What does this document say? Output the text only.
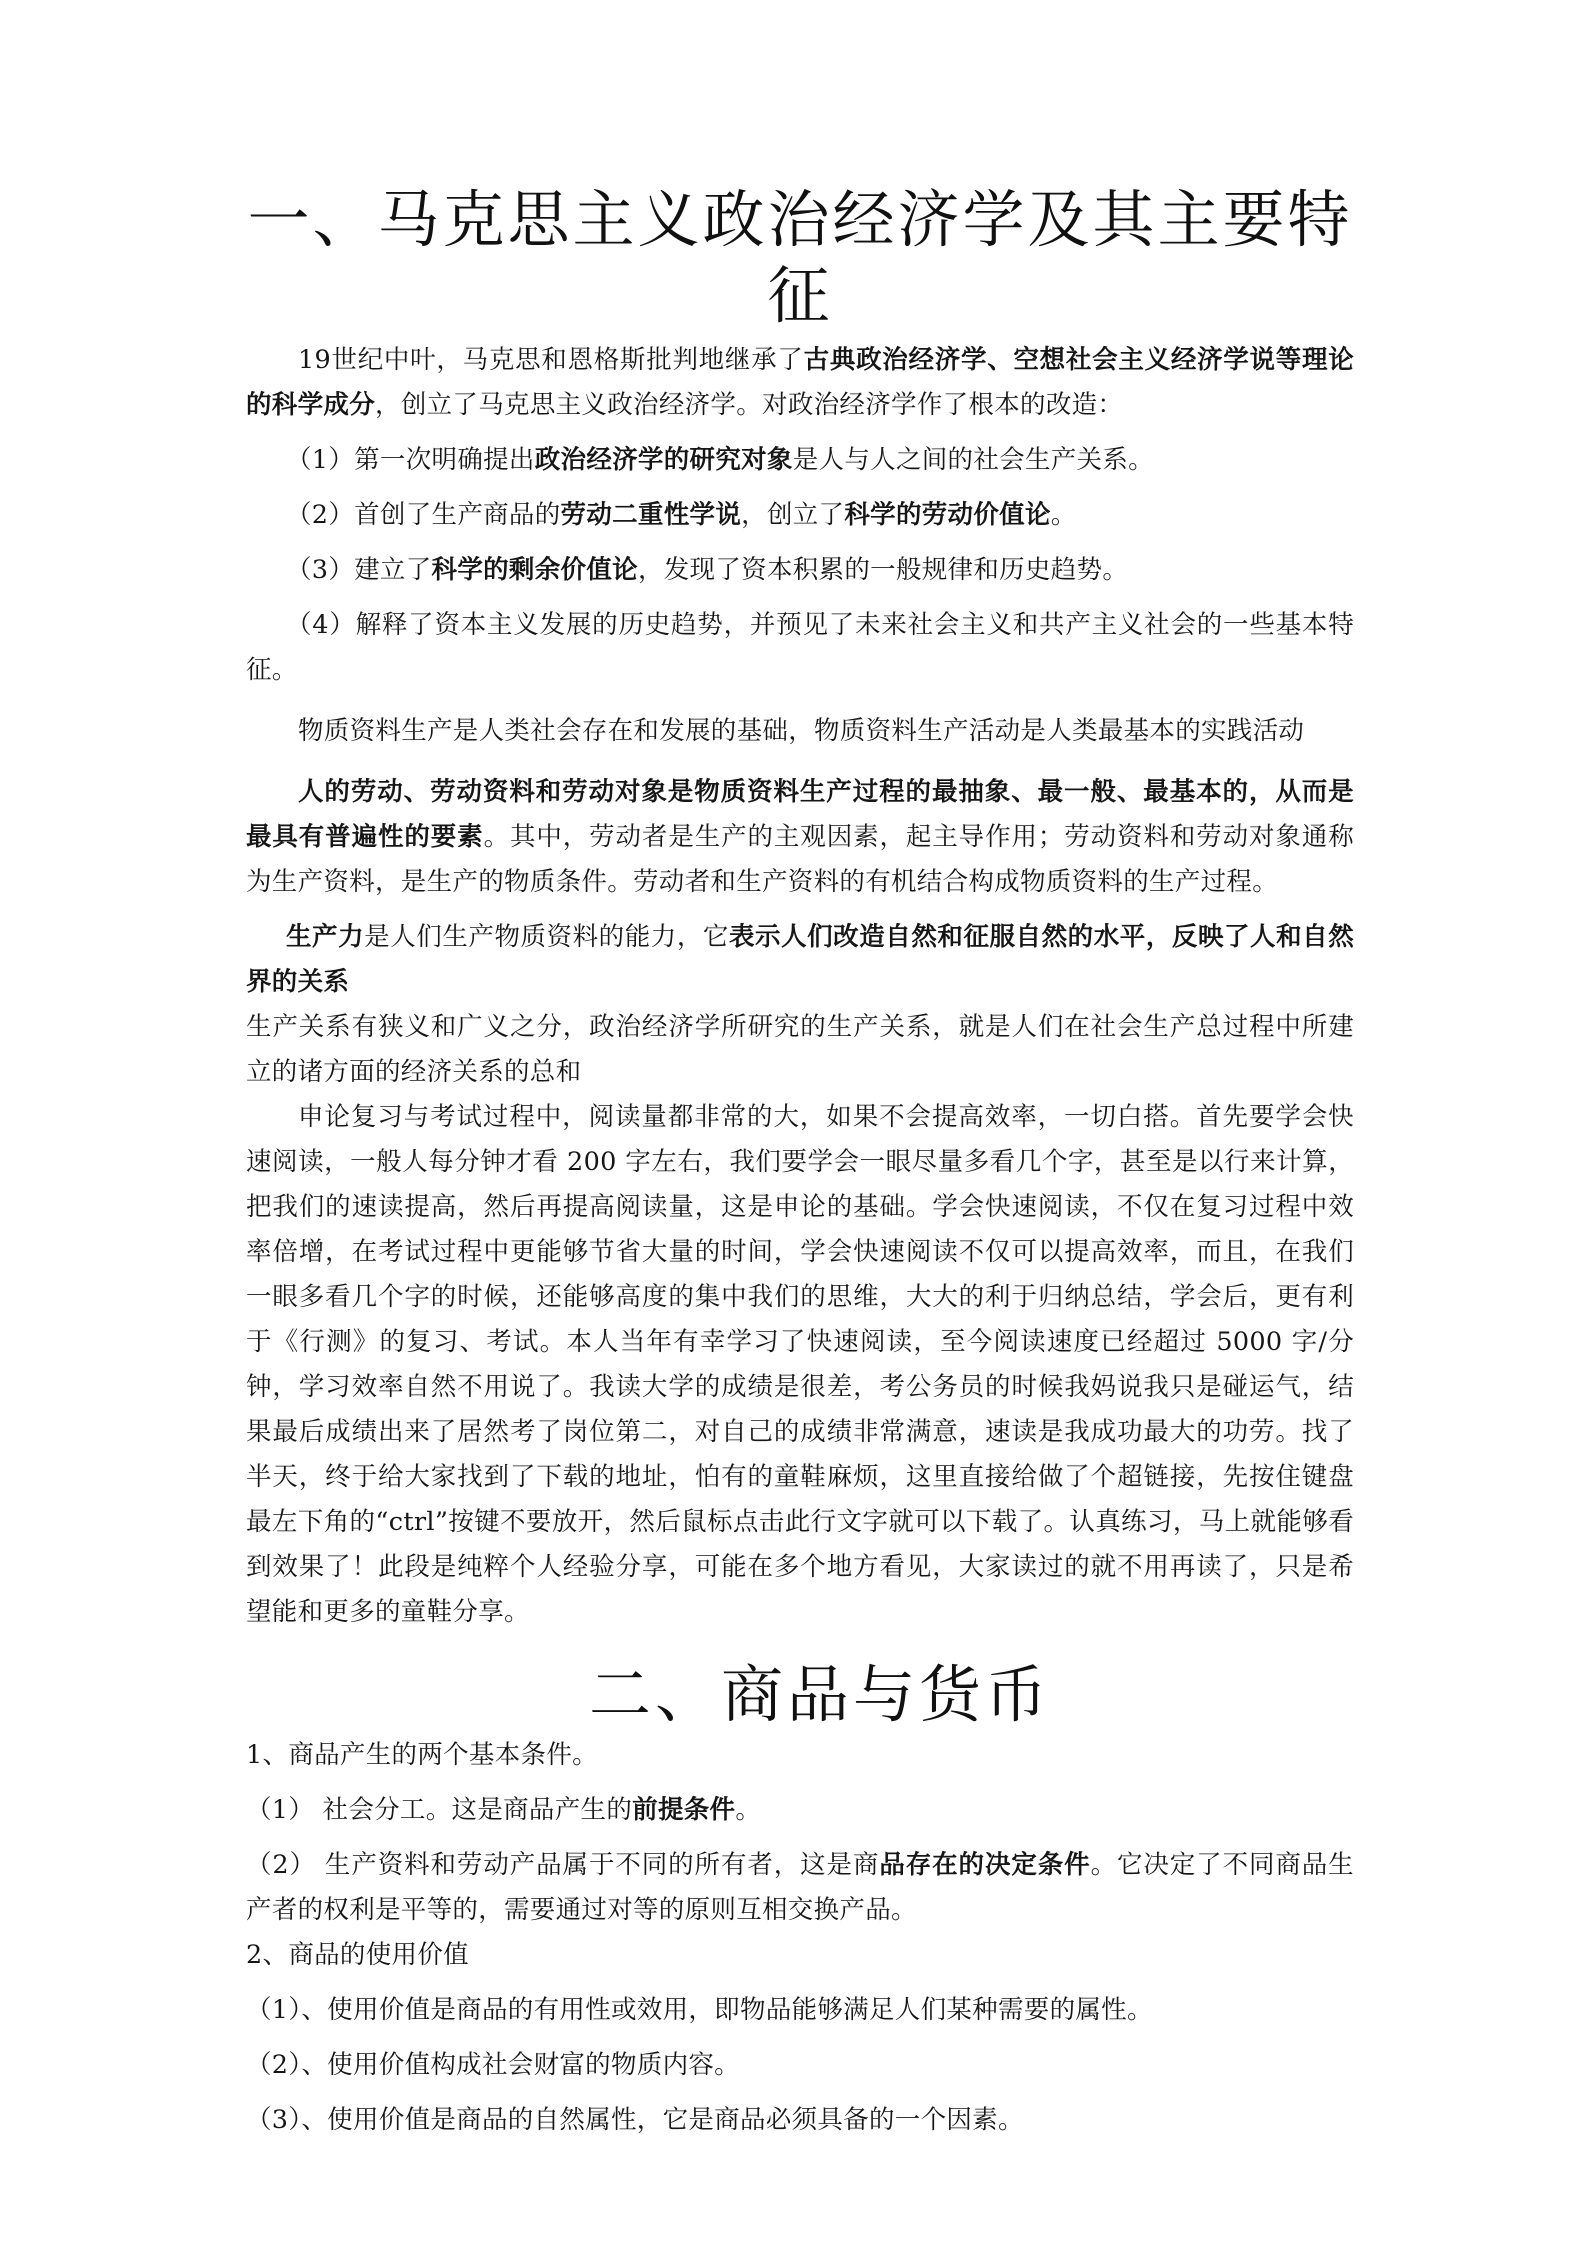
一、马克思主义政治经济学及其主要特征

19世纪中叶，马克思和恩格斯批判地继承了古典政治经济学、空想社会主义经济学说等理论的科学成分，创立了马克思主义政治经济学。对政治经济学作了根本的改造：

（1）第一次明确提出政治经济学的研究对象是人与人之间的社会生产关系。

（2）首创了生产商品的劳动二重性学说，创立了科学的劳动价值论。

（3）建立了科学的剩余价值论，发现了资本积累的一般规律和历史趋势。

（4）解释了资本主义发展的历史趋势，并预见了未来社会主义和共产主义社会的一些基本特征。

物质资料生产是人类社会存在和发展的基础，物质资料生产活动是人类最基本的实践活动

人的劳动、劳动资料和劳动对象是物质资料生产过程的最抽象、最一般、最基本的，从而是最具有普遍性的要素。其中，劳动者是生产的主观因素，起主导作用；劳动资料和劳动对象通称为生产资料，是生产的物质条件。劳动者和生产资料的有机结合构成物质资料的生产过程。

生产力是人们生产物质资料的能力，它表示人们改造自然和征服自然的水平，反映了人和自然界的关系

生产关系有狭义和广义之分，政治经济学所研究的生产关系，就是人们在社会生产总过程中所建立的诸方面的经济关系的总和

申论复习与考试过程中，阅读量都非常的大，如果不会提高效率，一切白搭。首先要学会快速阅读，一般人每分钟才看 200 字左右，我们要学会一眼尽量多看几个字，甚至是以行来计算，把我们的速读提高，然后再提高阅读量，这是申论的基础。学会快速阅读，不仅在复习过程中效率倍增，在考试过程中更能够节省大量的时间，学会快速阅读不仅可以提高效率，而且，在我们一眼多看几个字的时候，还能够高度的集中我们的思维，大大的利于归纳总结，学会后，更有利于《行测》的复习、考试。本人当年有幸学习了快速阅读，至今阅读速度已经超过 5000 字/分钟，学习效率自然不用说了。我读大学的成绩是很差，考公务员的时候我妈说我只是碰运气，结果最后成绩出来了居然考了岗位第二，对自己的成绩非常满意，速读是我成功最大的功劳。找了半天，终于给大家找到了下载的地址，怕有的童鞋麻烦，这里直接给做了个超链接，先按住键盘最左下角的“ctrl”按键不要放开，然后鼠标点击此行文字就可以下载了。认真练习，马上就能够看到效果了！此段是纯粹个人经验分享，可能在多个地方看见，大家读过的就不用再读了，只是希望能和更多的童鞋分享。

二、商品与货币

1、商品产生的两个基本条件。

（1） 社会分工。这是商品产生的前提条件。

（2） 生产资料和劳动产品属于不同的所有者，这是商品存在的决定条件。它决定了不同商品生产者的权利是平等的，需要通过对等的原则互相交换产品。

2、商品的使用价值

（1）、使用价值是商品的有用性或效用，即物品能够满足人们某种需要的属性。

（2）、使用价值构成社会财富的物质内容。

（3）、使用价值是商品的自然属性，它是商品必须具备的一个因素。
